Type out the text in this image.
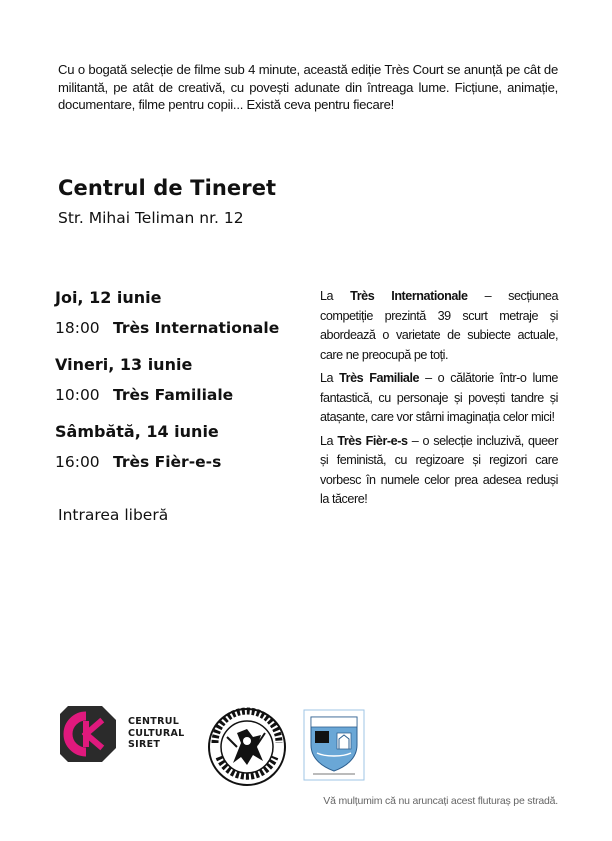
Cu o bogată selecție de filme sub 4 minute, această ediție Très Court se anunță pe cât de militantă, pe atât de creativă, cu povești adunate din întreaga lume. Ficțiune, animație, documentare, filme pentru copii... Există ceva pentru fiecare!
Centrul de Tineret
Str. Mihai Teliman nr. 12
Joi, 12 iunie
18:00 Très Internationale
Vineri, 13 iunie
10:00 Très Familiale
Sâmbătă, 14 iunie
16:00 Très Fièr-e-s
Intrarea liberă

La Très Internationale – secțiunea competiție prezintă 39 scurt metraje și abordează o varietate de subiecte actuale, care ne preocupă pe toți.

La Très Familiale – o călătorie într-o lume fantastică, cu personaje și povești tandre și atașante, care vor stârni imaginația celor mici!

La Très Fièr-e-s – o selecție incluzivă, queer și feministă, cu regizoare și regizori care vorbesc în numele celor prea adesea reduși la tăcere!

CENTRUL
CULTURAL
SIRET
Vă mulțumim că nu aruncați acest fluturaș pe stradă.
